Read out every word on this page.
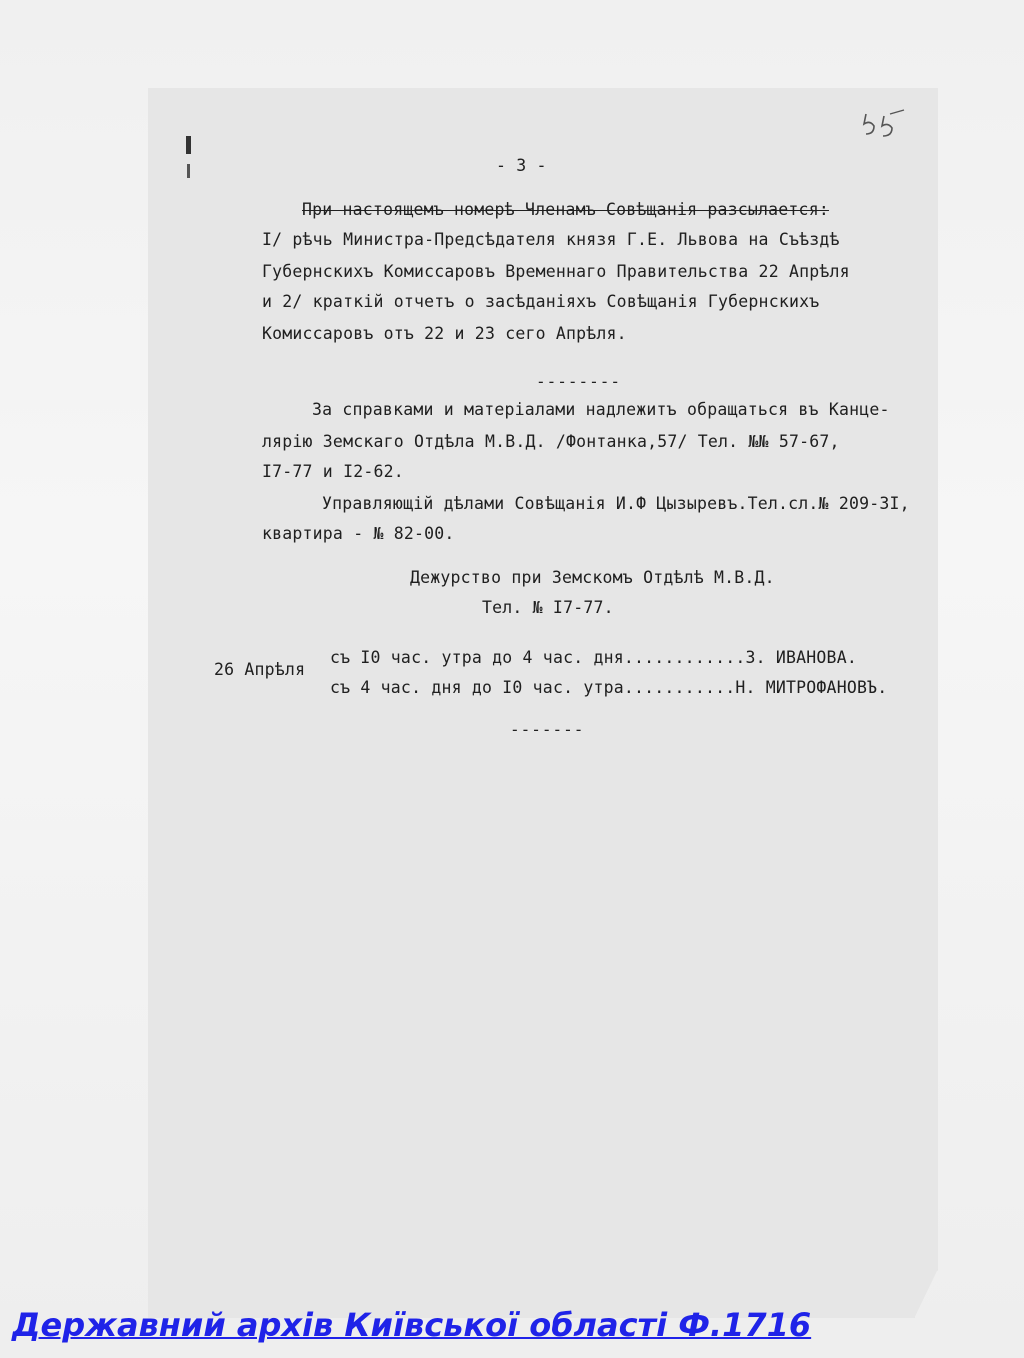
- 3 -
При настоящемъ номерѣ Членамъ Совѣщанія разсылается:
I/ рѣчь Министра-Предсѣдателя князя Г.Е. Львова на Съѣздѣ
Губернскихъ Комиссаровъ Временнаго Правительства 22 Апрѣля
и 2/ краткій отчетъ о засѣданіяхъ Совѣщанія Губернскихъ
Комиссаровъ отъ 22 и 23 сего Апрѣля.
--------
За справками и матеріалами надлежитъ обращаться въ Канце-
лярію Земскаго Отдѣла М.В.Д. /Фонтанка,57/ Тел. №№ 57-67,
I7-77 и I2-62.
Управляющій дѣлами Совѣщанія И.Ф Цызыревъ.Тел.сл.№ 209-3I,
квартира - № 82-00.
Дежурство при Земскомъ Отдѣлѣ М.В.Д.
Тел. № I7-77.
26 Апрѣля
съ I0 час. утра до 4 час. дня............З. ИВАНОВА.
съ 4 час. дня до I0 час. утра...........Н. МИТРОФАНОВЪ.
-------
Державний архів Київської області Ф.1716
